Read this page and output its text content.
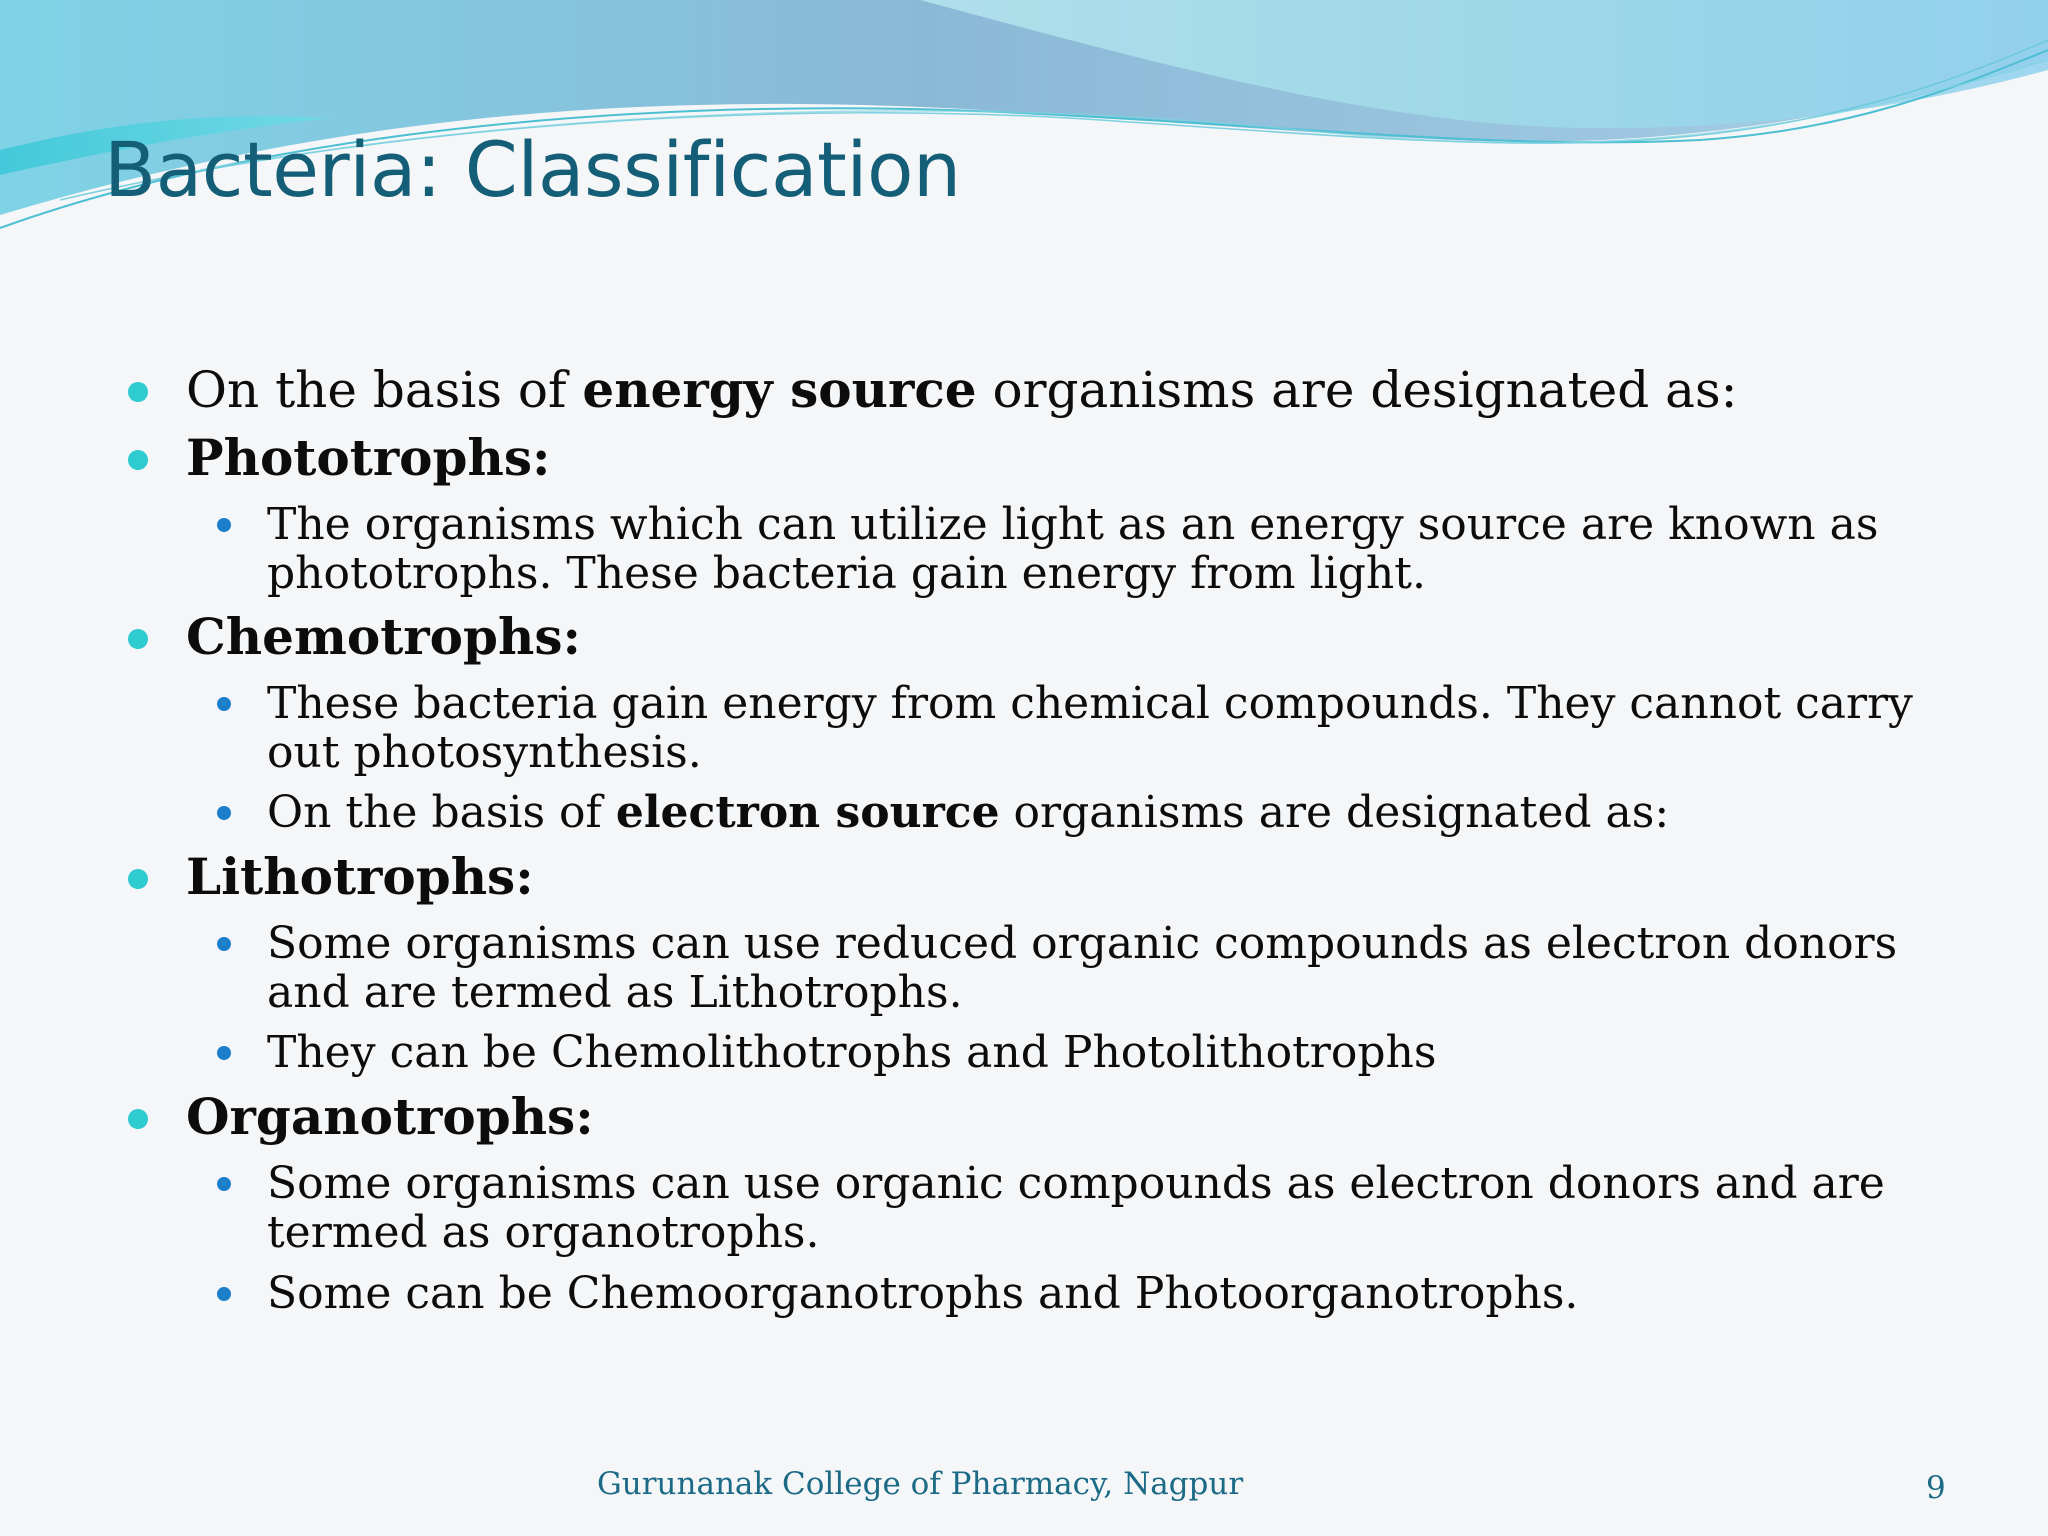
Bacteria: Classification
On the basis of energy source organisms are designated as:
Phototrophs:
The organisms which can utilize light as an energy source are known as
phototrophs. These bacteria gain energy from light.
Chemotrophs:
These bacteria gain energy from chemical compounds. They cannot carry
out photosynthesis.
On the basis of electron source organisms are designated as:
Lithotrophs:
Some organisms can use reduced organic compounds as electron donors
and are termed as Lithotrophs.
They can be Chemolithotrophs and Photolithotrophs
Organotrophs:
Some organisms can use organic compounds as electron donors and are
termed as organotrophs.
Some can be Chemoorganotrophs and Photoorganotrophs.
Gurunanak College of Pharmacy, Nagpur	9
